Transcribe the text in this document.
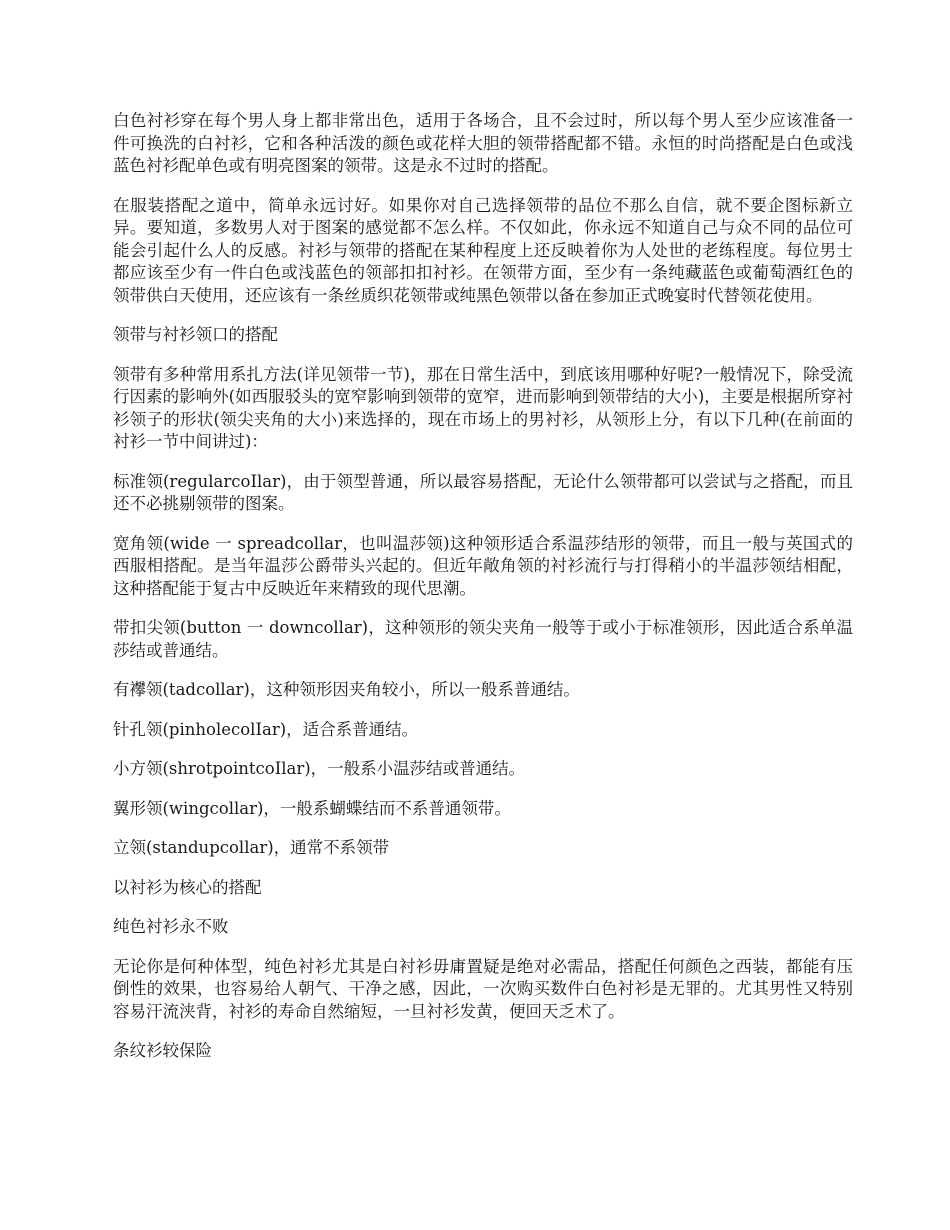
白色衬衫穿在每个男人身上都非常出色，适用于各场合，且不会过时，所以每个男人至少应该准备一件可换洗的白衬衫，它和各种活泼的颜色或花样大胆的领带搭配都不错。永恒的时尚搭配是白色或浅蓝色衬衫配单色或有明亮图案的领带。这是永不过时的搭配。

在服装搭配之道中，简单永远讨好。如果你对自己选择领带的品位不那么自信，就不要企图标新立异。要知道，多数男人对于图案的感觉都不怎么样。不仅如此，你永远不知道自己与众不同的品位可能会引起什么人的反感。衬衫与领带的搭配在某种程度上还反映着你为人处世的老练程度。每位男士都应该至少有一件白色或浅蓝色的领部扣扣衬衫。在领带方面，至少有一条纯藏蓝色或葡萄酒红色的领带供白天使用，还应该有一条丝质织花领带或纯黑色领带以备在参加正式晚宴时代替领花使用。

领带与衬衫领口的搭配

领带有多种常用系扎方法(详见领带一节)，那在日常生活中，到底该用哪种好呢?一般情况下，除受流行因素的影响外(如西服驳头的宽窄影响到领带的宽窄，进而影响到领带结的大小)，主要是根据所穿衬衫领子的形状(领尖夹角的大小)来选择的，现在市场上的男衬衫，从领形上分，有以下几种(在前面的衬衫一节中间讲过)：

标准领(regularcoIlar)，由于领型普通，所以最容易搭配，无论什么领带都可以尝试与之搭配，而且还不必挑剔领带的图案。

宽角领(wide 一 spreadcollar，也叫温莎领)这种领形适合系温莎结形的领带，而且一般与英国式的西服相搭配。是当年温莎公爵带头兴起的。但近年敞角领的衬衫流行与打得稍小的半温莎领结相配，这种搭配能于复古中反映近年来精致的现代思潮。

带扣尖领(button 一 downcollar)，这种领形的领尖夹角一般等于或小于标准领形，因此适合系单温莎结或普通结。

有襻领(tadcollar)，这种领形因夹角较小，所以一般系普通结。

针孔领(pinholecolIar)，适合系普通结。

小方领(shrotpointcoIlar)，一般系小温莎结或普通结。

翼形领(wingcollar)，一般系蝴蝶结而不系普通领带。

立领(standupcollar)，通常不系领带

以衬衫为核心的搭配

纯色衬衫永不败

无论你是何种体型，纯色衬衫尤其是白衬衫毋庸置疑是绝对必需品，搭配任何颜色之西装，都能有压倒性的效果，也容易给人朝气、干净之感，因此，一次购买数件白色衬衫是无罪的。尤其男性又特别容易汗流浃背，衬衫的寿命自然缩短，一旦衬衫发黄，便回天乏术了。

条纹衫较保险
